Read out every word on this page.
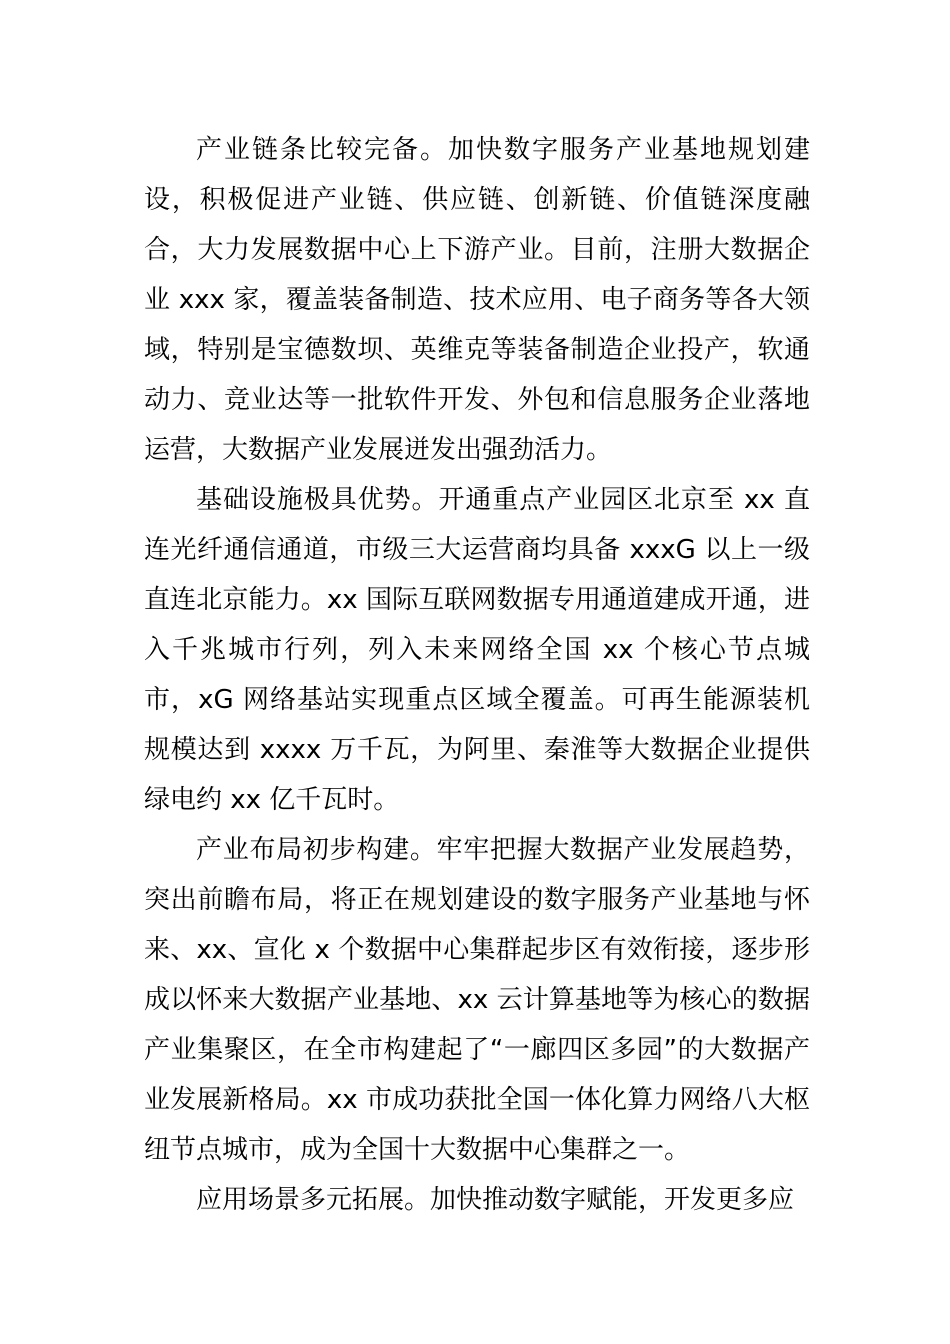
产业链条比较完备。加快数字服务产业基地规划建设，积极促进产业链、供应链、创新链、价值链深度融合，大力发展数据中心上下游产业。目前，注册大数据企业 xxx 家，覆盖装备制造、技术应用、电子商务等各大领域，特别是宝德数坝、英维克等装备制造企业投产，软通动力、竞业达等一批软件开发、外包和信息服务企业落地运营，大数据产业发展迸发出强劲活力。

基础设施极具优势。开通重点产业园区北京至 xx 直连光纤通信通道，市级三大运营商均具备 xxxG 以上一级直连北京能力。xx 国际互联网数据专用通道建成开通，进入千兆城市行列，列入未来网络全国 xx 个核心节点城市，xG 网络基站实现重点区域全覆盖。可再生能源装机规模达到 xxxx 万千瓦，为阿里、秦淮等大数据企业提供绿电约 xx 亿千瓦时。

产业布局初步构建。牢牢把握大数据产业发展趋势，突出前瞻布局，将正在规划建设的数字服务产业基地与怀来、xx、宣化 x 个数据中心集群起步区有效衔接，逐步形成以怀来大数据产业基地、xx 云计算基地等为核心的数据产业集聚区，在全市构建起了“一廊四区多园”的大数据产业发展新格局。xx 市成功获批全国一体化算力网络八大枢纽节点城市，成为全国十大数据中心集群之一。

应用场景多元拓展。加快推动数字赋能，开发更多应
